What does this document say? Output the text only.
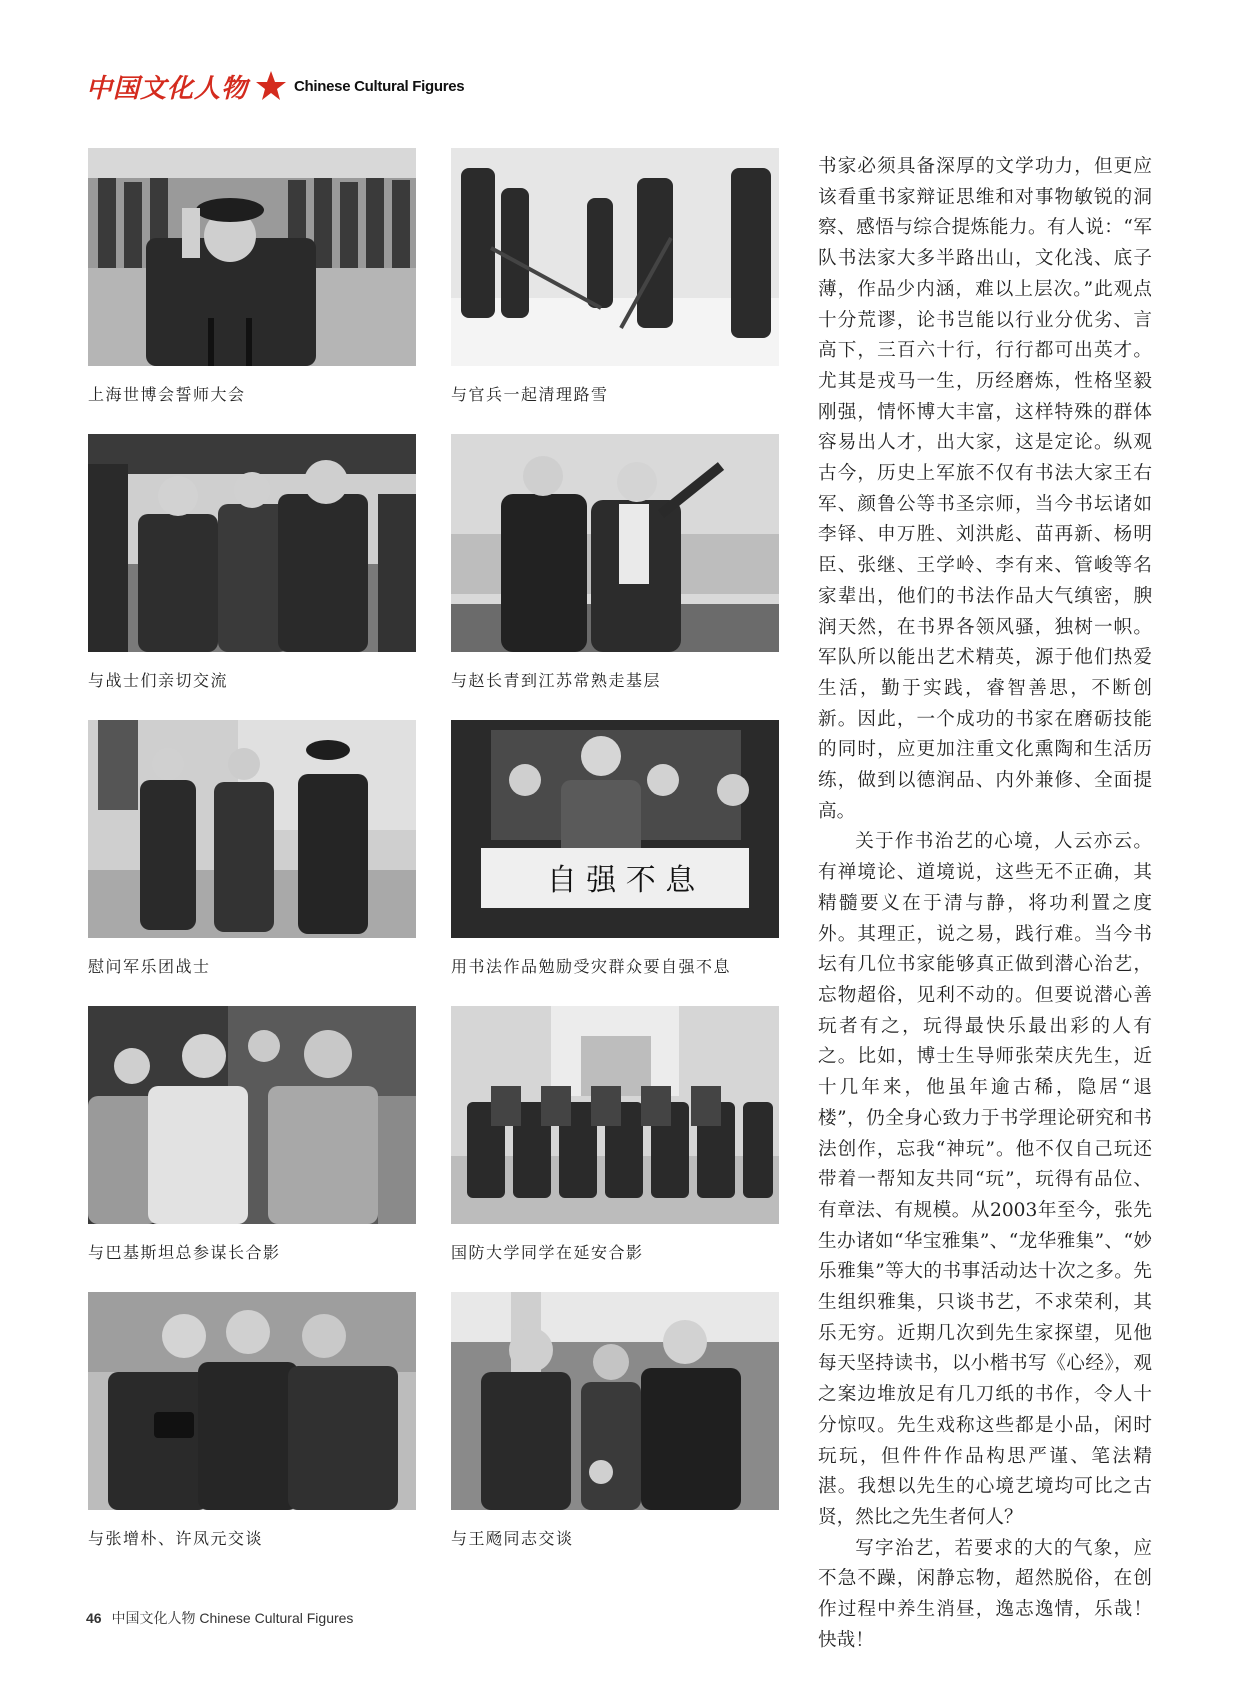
中国文化人物	Chinese Cultural Figures
上海世博会誓师大会	与官兵一起清理路雪
与战士们亲切交流	与赵长青到江苏常熟走基层
慰问军乐团战士
自 强 不 息
用书法作品勉励受灾群众要自强不息
与巴基斯坦总参谋长合影	国防大学同学在延安合影
与张增朴、许凤元交谈	与王飏同志交谈

书家必须具备深厚的文学功力，但更应该看重书家辩证思维和对事物敏锐的洞察、感悟与综合提炼能力。有人说：“军队书法家大多半路出山，文化浅、底子薄，作品少内涵，难以上层次。”此观点十分荒谬，论书岂能以行业分优劣、言高下，三百六十行，行行都可出英才。尤其是戎马一生，历经磨炼，性格坚毅刚强，情怀博大丰富，这样特殊的群体容易出人才，出大家，这是定论。纵观古今，历史上军旅不仅有书法大家王右军、颜鲁公等书圣宗师，当今书坛诸如李铎、申万胜、刘洪彪、苗再新、杨明臣、张继、王学岭、李有来、管峻等名家辈出，他们的书法作品大气缜密，腴润天然，在书界各领风骚，独树一帜。军队所以能出艺术精英，源于他们热爱生活，勤于实践，睿智善思，不断创新。因此，一个成功的书家在磨砺技能的同时，应更加注重文化熏陶和生活历练，做到以德润品、内外兼修、全面提高。

关于作书治艺的心境，人云亦云。有禅境论、道境说，这些无不正确，其精髓要义在于清与静，将功利置之度外。其理正，说之易，践行难。当今书坛有几位书家能够真正做到潜心治艺，忘物超俗，见利不动的。但要说潜心善玩者有之，玩得最快乐最出彩的人有之。比如，博士生导师张荣庆先生，近十几年来，他虽年逾古稀，隐居“退楼”，仍全身心致力于书学理论研究和书法创作，忘我“神玩”。他不仅自己玩还带着一帮知友共同“玩”，玩得有品位、有章法、有规模。从2003年至今，张先生办诸如“华宝雅集”、“龙华雅集”、“妙乐雅集”等大的书事活动达十次之多。先生组织雅集，只谈书艺，不求荣利，其乐无穷。近期几次到先生家探望，见他每天坚持读书，以小楷书写《心经》，观之案边堆放足有几刀纸的书作，令人十分惊叹。先生戏称这些都是小品，闲时玩玩，但件件作品构思严谨、笔法精湛。我想以先生的心境艺境均可比之古贤，然比之先生者何人？

写字治艺，若要求的大的气象，应不急不躁，闲静忘物，超然脱俗，在创作过程中养生消昼，逸志逸情，乐哉！快哉！

46 中国文化人物 Chinese Cultural Figures
